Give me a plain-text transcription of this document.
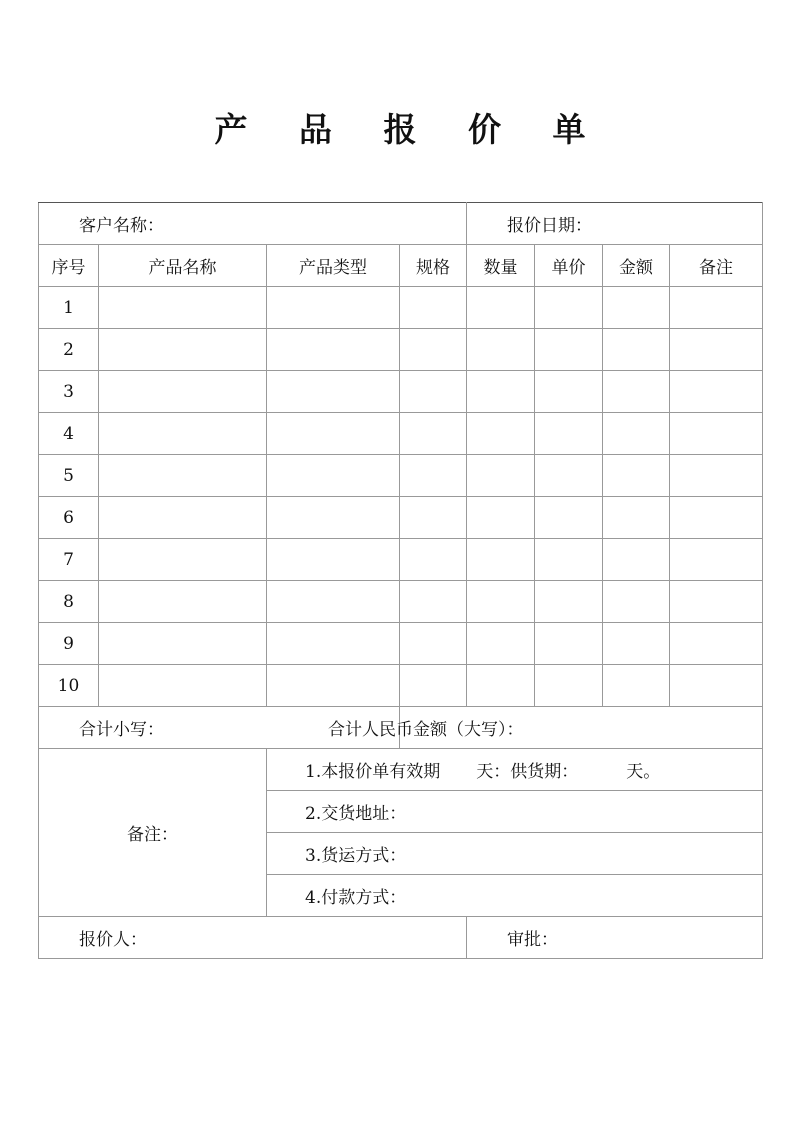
产 品 报 价 单
客户名称：				报价日期：			
序号	产品名称	产品类型	规格	数量	单价	金额	备注
1							
2							
3							
4							
5							
6							
7							
8							
9							
10							
合计小写：			合计人民币金额（大写）：				
备注：		1.本报价单有效期 天：供货期： 天。					
		2.交货地址：					
		3.货运方式：					
		4.付款方式：					
报价人：				审批：			
